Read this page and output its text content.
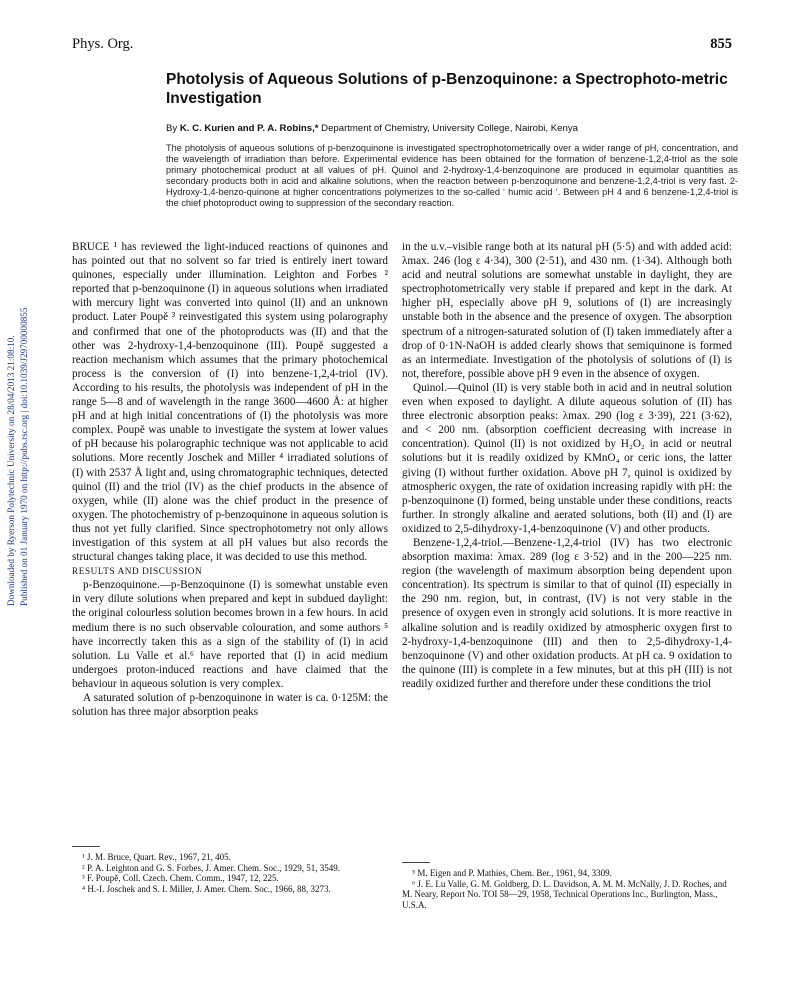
Phys. Org.	855
Downloaded by Ryerson Polytechnic University on 28/04/2013 21:08:10. Published on 01 January 1970 on http://pubs.rsc.org | doi:10.1039/J29700000855
Photolysis of Aqueous Solutions of p-Benzoquinone: a Spectrophoto-metric Investigation
By K. C. Kurien and P. A. Robins,* Department of Chemistry, University College, Nairobi, Kenya
The photolysis of aqueous solutions of p-benzoquinone is investigated spectrophotometrically over a wider range of pH, concentration, and the wavelength of irradiation than before. Experimental evidence has been obtained for the formation of benzene-1,2,4-triol as the sole primary photochemical product at all values of pH. Quinol and 2-hydroxy-1,4-benzoquinone are produced in equimolar quantities as secondary products both in acid and alkaline solutions, when the reaction between p-benzoquinone and benzene-1,2,4-triol is very fast. 2-Hydroxy-1,4-benzo-quinone at higher concentrations polymerizes to the so-called ‘ humic acid ’. Between pH 4 and 6 benzene-1,2,4-triol is the chief photoproduct owing to suppression of the secondary reaction.

BRUCE ¹ has reviewed the light-induced reactions of quinones and has pointed out that no solvent so far tried is entirely inert toward quinones, especially under illumination. Leighton and Forbes ² reported that p-benzoquinone (I) in aqueous solutions when irradiated with mercury light was converted into quinol (II) and an unknown product. Later Poupě ³ reinvestigated this system using polarography and confirmed that one of the photoproducts was (II) and that the other was 2-hydroxy-1,4-benzoquinone (III). Poupě suggested a reaction mechanism which assumes that the primary photochemical process is the conversion of (I) into benzene-1,2,4-triol (IV). According to his results, the photolysis was independent of pH in the range 5—8 and of wavelength in the range 3600—4600 Å: at higher pH and at high initial concentrations of (I) the photolysis was more complex. Poupě was unable to investigate the system at lower values of pH because his polarographic technique was not applicable to acid solutions. More recently Joschek and Miller ⁴ irradiated solutions of (I) with 2537 Å light and, using chromatographic techniques, detected quinol (II) and the triol (IV) as the chief products in the absence of oxygen, while (II) alone was the chief product in the presence of oxygen. The photochemistry of p-benzoquinone in aqueous solution is thus not yet fully clarified. Since spectrophotometry not only allows investigation of this system at all pH values but also records the structural changes taking place, it was decided to use this method.

RESULTS AND DISCUSSION

p-Benzoquinone.—p-Benzoquinone (I) is somewhat unstable even in very dilute solutions when prepared and kept in subdued daylight: the original colourless solution becomes brown in a few hours. In acid medium there is no such observable colouration, and some authors ⁵ have incorrectly taken this as a sign of the stability of (I) in acid solution. Lu Valle et al.⁶ have reported that (I) in acid medium undergoes proton-induced reactions and have claimed that the behaviour in aqueous solution is very complex.

A saturated solution of p-benzoquinone in water is ca. 0·125M: the solution has three major absorption peaks

in the u.v.–visible range both at its natural pH (5·5) and with added acid: λmax. 246 (log ε 4·34), 300 (2·51), and 430 nm. (1·34). Although both acid and neutral solutions are somewhat unstable in daylight, they are spectrophotometrically very stable if prepared and kept in the dark. At higher pH, especially above pH 9, solutions of (I) are increasingly unstable both in the absence and the presence of oxygen. The absorption spectrum of a nitrogen-saturated solution of (I) taken immediately after a drop of 0·1N-NaOH is added clearly shows that semiquinone is formed as an intermediate. Investigation of the photolysis of solutions of (I) is not, therefore, possible above pH 9 even in the absence of oxygen.

Quinol.—Quinol (II) is very stable both in acid and in neutral solution even when exposed to daylight. A dilute aqueous solution of (II) has three electronic absorption peaks: λmax. 290 (log ε 3·39), 221 (3·62), and < 200 nm. (absorption coefficient decreasing with increase in concentration). Quinol (II) is not oxidized by H₂O₂ in acid or neutral solutions but it is readily oxidized by KMnO₄ or ceric ions, the latter giving (I) without further oxidation. Above pH 7, quinol is oxidized by atmospheric oxygen, the rate of oxidation increasing rapidly with pH: the p-benzoquinone (I) formed, being unstable under these conditions, reacts further. In strongly alkaline and aerated solutions, both (II) and (I) are oxidized to 2,5-dihydroxy-1,4-benzoquinone (V) and other products.

Benzene-1,2,4-triol.—Benzene-1,2,4-triol (IV) has two electronic absorption maxima: λmax. 289 (log ε 3·52) and in the 200—225 nm. region (the wavelength of maximum absorption being dependent upon concentration). Its spectrum is similar to that of quinol (II) especially in the 290 nm. region, but, in contrast, (IV) is not very stable in the presence of oxygen even in strongly acid solutions. It is more reactive in alkaline solution and is readily oxidized by atmospheric oxygen first to 2-hydroxy-1,4-benzoquinone (III) and then to 2,5-dihydroxy-1,4-benzoquinone (V) and other oxidation products. At pH ca. 9 oxidation to the quinone (III) is complete in a few minutes, but at this pH (III) is not readily oxidized further and therefore under these conditions the triol

¹ J. M. Bruce, Quart. Rev., 1967, 21, 405.
² P. A. Leighton and G. S. Forbes, J. Amer. Chem. Soc., 1929, 51, 3549.
³ F. Poupě, Coll. Czech. Chem. Comm., 1947, 12, 225.
⁴ H.-I. Joschek and S. I. Miller, J. Amer. Chem. Soc., 1966, 88, 3273.
⁵ M. Eigen and P. Mathies, Chem. Ber., 1961, 94, 3309.
⁶ J. E. Lu Valle, G. M. Goldberg, D. L. Davidson, A. M. M. McNally, J. D. Roches, and M. Neary, Report No. TOI 58—29, 1958, Technical Operations Inc., Burlington, Mass., U.S.A.
